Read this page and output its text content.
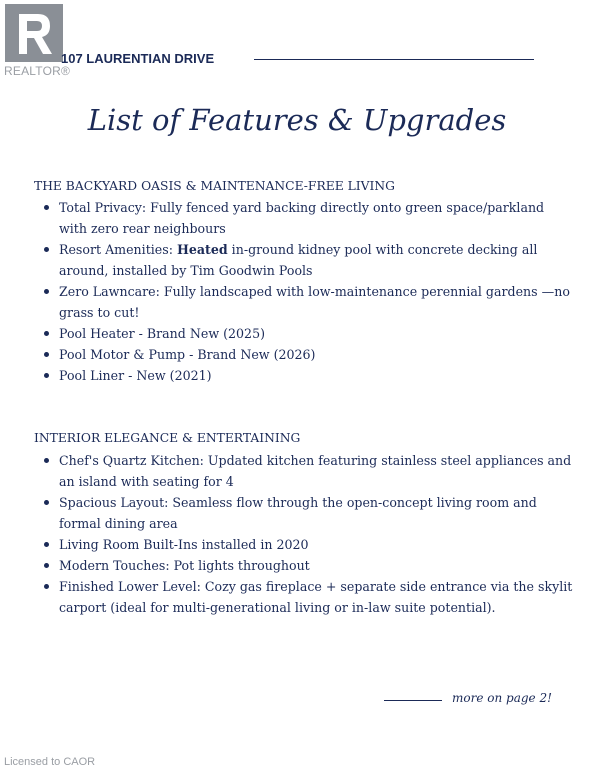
REALTOR®
107 LAURENTIAN DRIVE
List of Features & Upgrades
THE BACKYARD OASIS & MAINTENANCE-FREE LIVING
Total Privacy: Fully fenced yard backing directly onto green space/parkland with zero rear neighbours
Resort Amenities: Heated in-ground kidney pool with concrete decking all around, installed by Tim Goodwin Pools
Zero Lawncare: Fully landscaped with low-maintenance perennial gardens —no grass to cut!
Pool Heater - Brand New (2025)
Pool Motor & Pump - Brand New (2026)
Pool Liner - New (2021)
INTERIOR ELEGANCE & ENTERTAINING
Chef's Quartz Kitchen: Updated kitchen featuring stainless steel appliances and an island with seating for 4
Spacious Layout: Seamless flow through the open-concept living room and formal dining area
Living Room Built-Ins installed in 2020
Modern Touches: Pot lights throughout
Finished Lower Level: Cozy gas fireplace + separate side entrance via the skylit carport (ideal for multi-generational living or in-law suite potential).
more on page 2!
Licensed to CAOR
